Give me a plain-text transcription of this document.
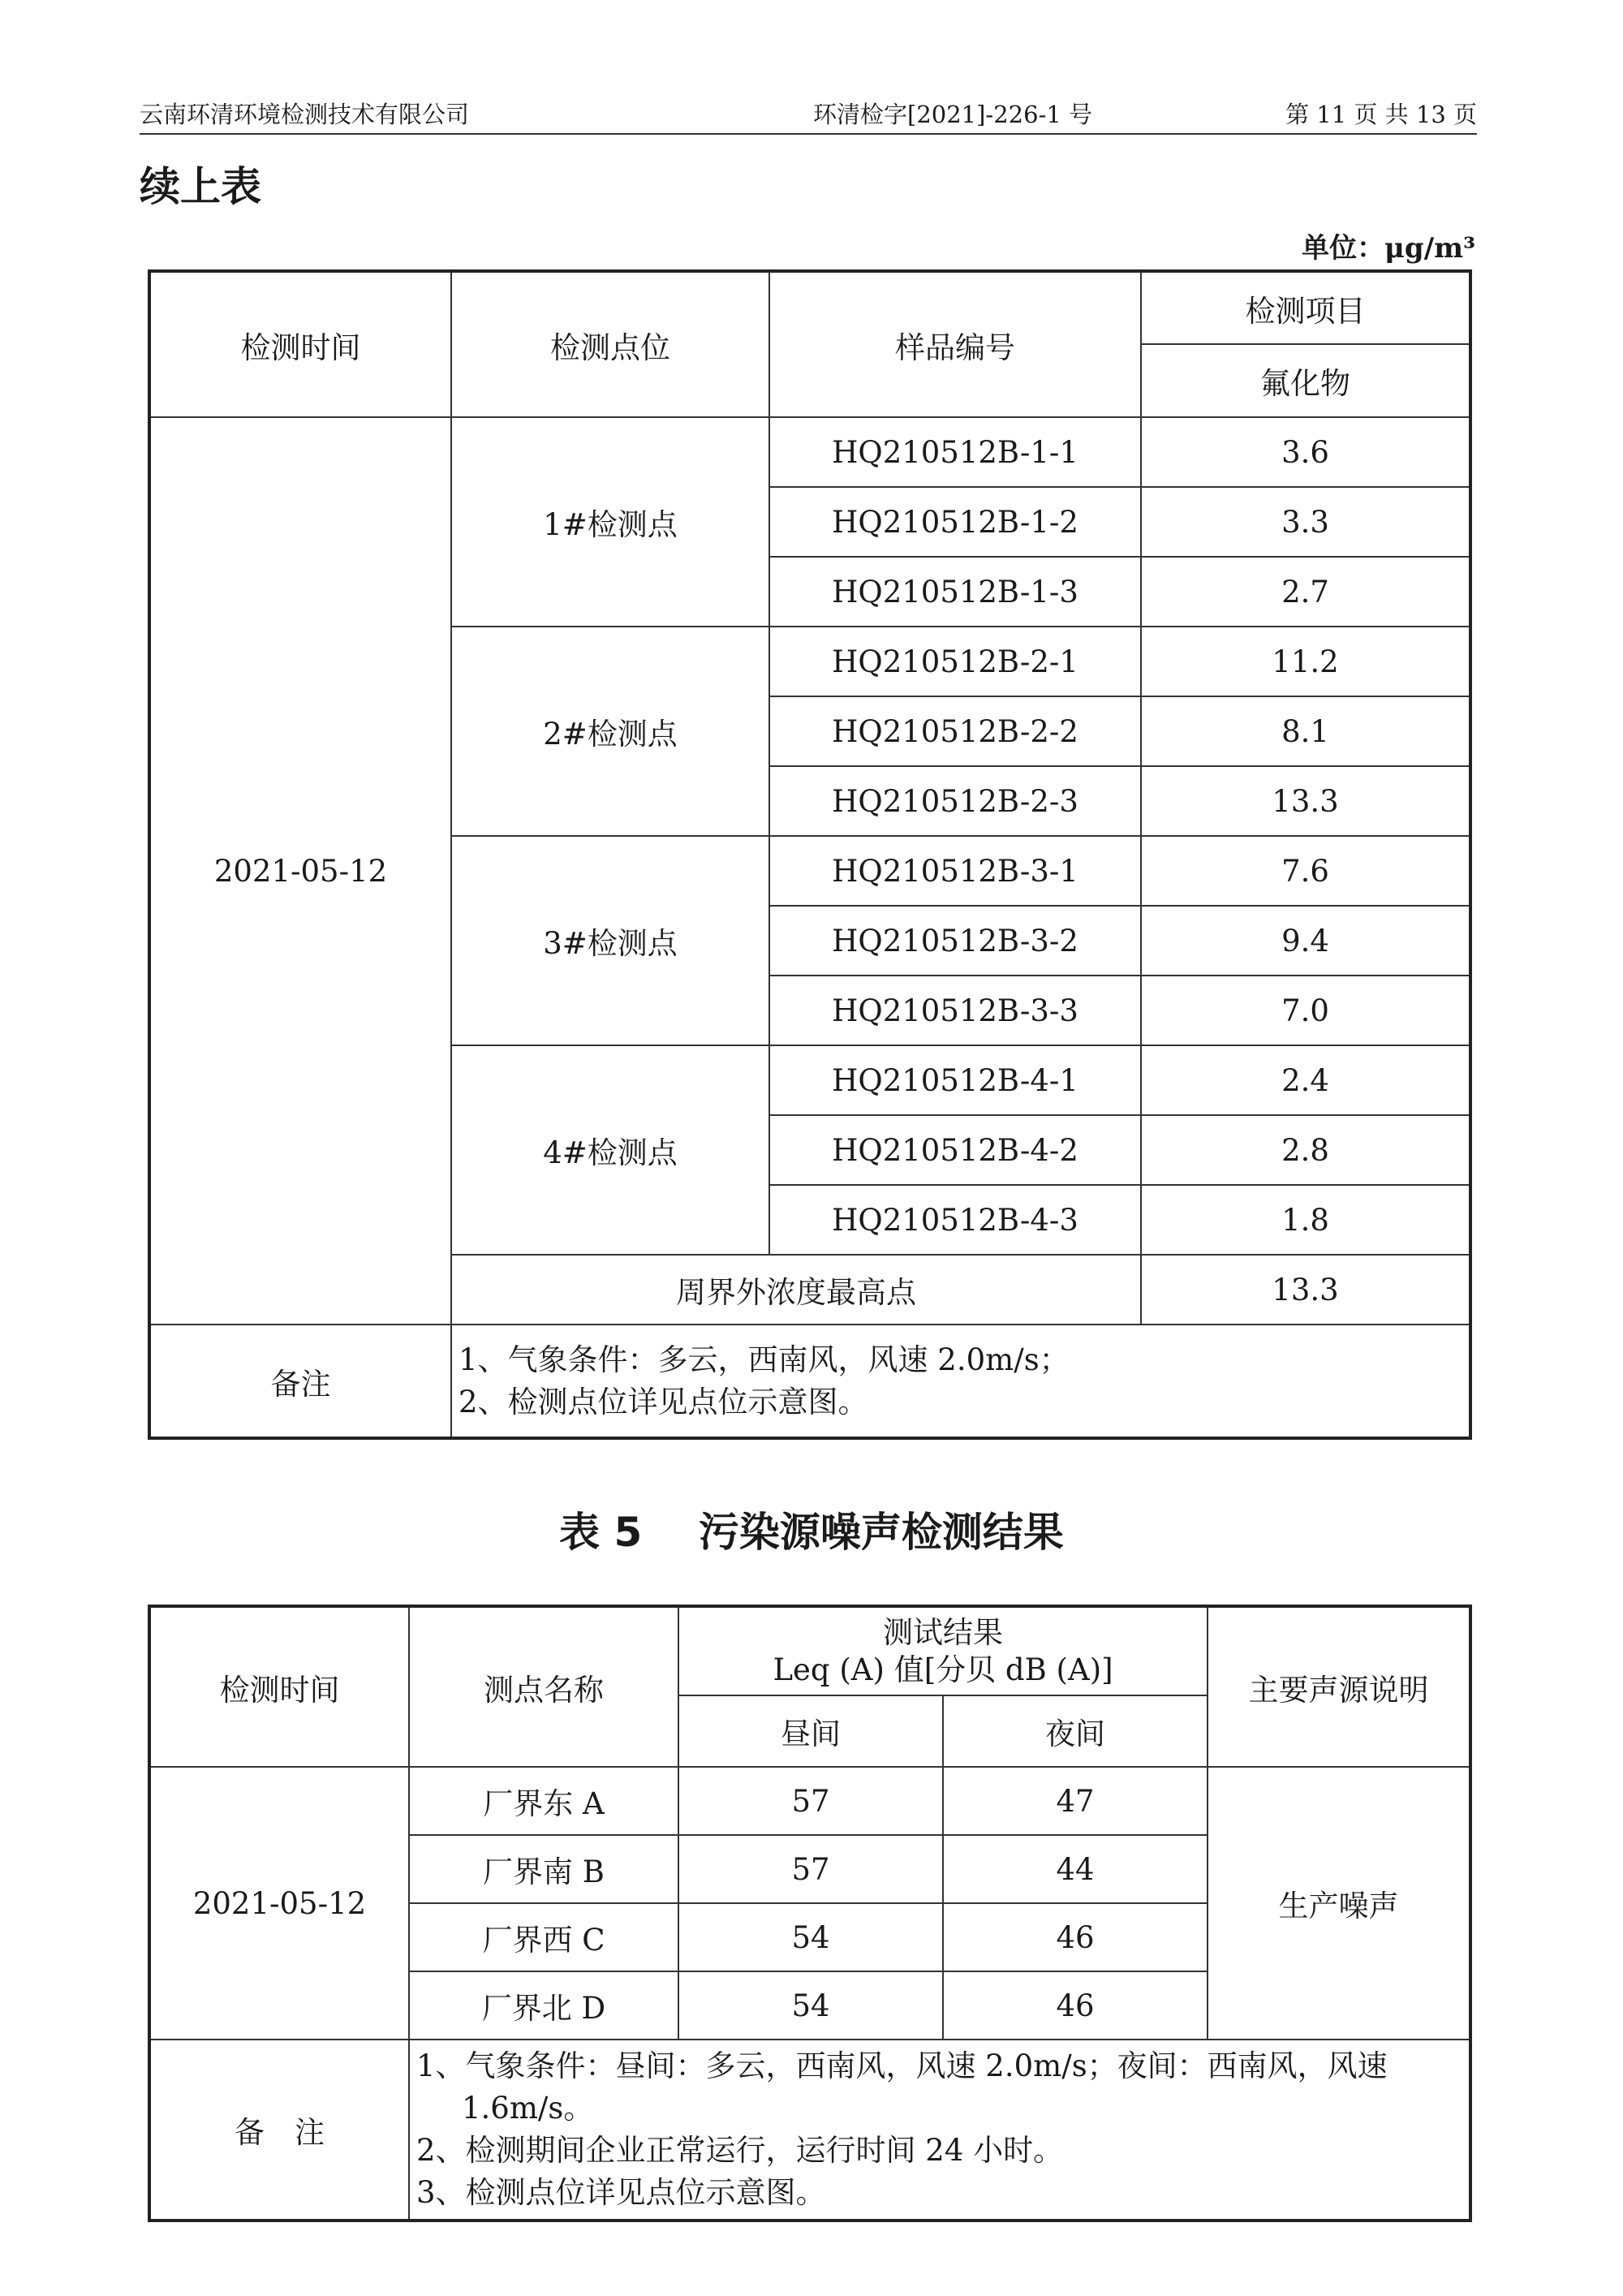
云南环清环境检测技术有限公司	环清检字[2021]-226-1 号	第 11 页 共 13 页
续上表
单位：μg/m³
检测时间	检测点位	样品编号	检测项目
			氟化物
2021-05-12	1#检测点	HQ210512B-1-1	3.6
		HQ210512B-1-2	3.3
		HQ210512B-1-3	2.7
	2#检测点	HQ210512B-2-1	11.2
		HQ210512B-2-2	8.1
		HQ210512B-2-3	13.3
	3#检测点	HQ210512B-3-1	7.6
		HQ210512B-3-2	9.4
		HQ210512B-3-3	7.0
	4#检测点	HQ210512B-4-1	2.4
		HQ210512B-4-2	2.8
		HQ210512B-4-3	1.8
	周界外浓度最高点		13.3
备注	1、气象条件：多云，西南风，风速 2.0m/s；
2、检测点位详见点位示意图。		
表 5    污染源噪声检测结果
检测时间	测点名称	测试结果
Leq (A) 值[分贝 dB (A)]		主要声源说明
		昼间	夜间	
2021-05-12	厂界东 A	57	47	生产噪声
	厂界南 B	57	44	
	厂界西 C	54	46	
	厂界北 D	54	46	
备　注	1、气象条件：昼间：多云，西南风，风速 2.0m/s；夜间：西南风，风速
1.6m/s。
2、检测期间企业正常运行，运行时间 24 小时。
3、检测点位详见点位示意图。			
